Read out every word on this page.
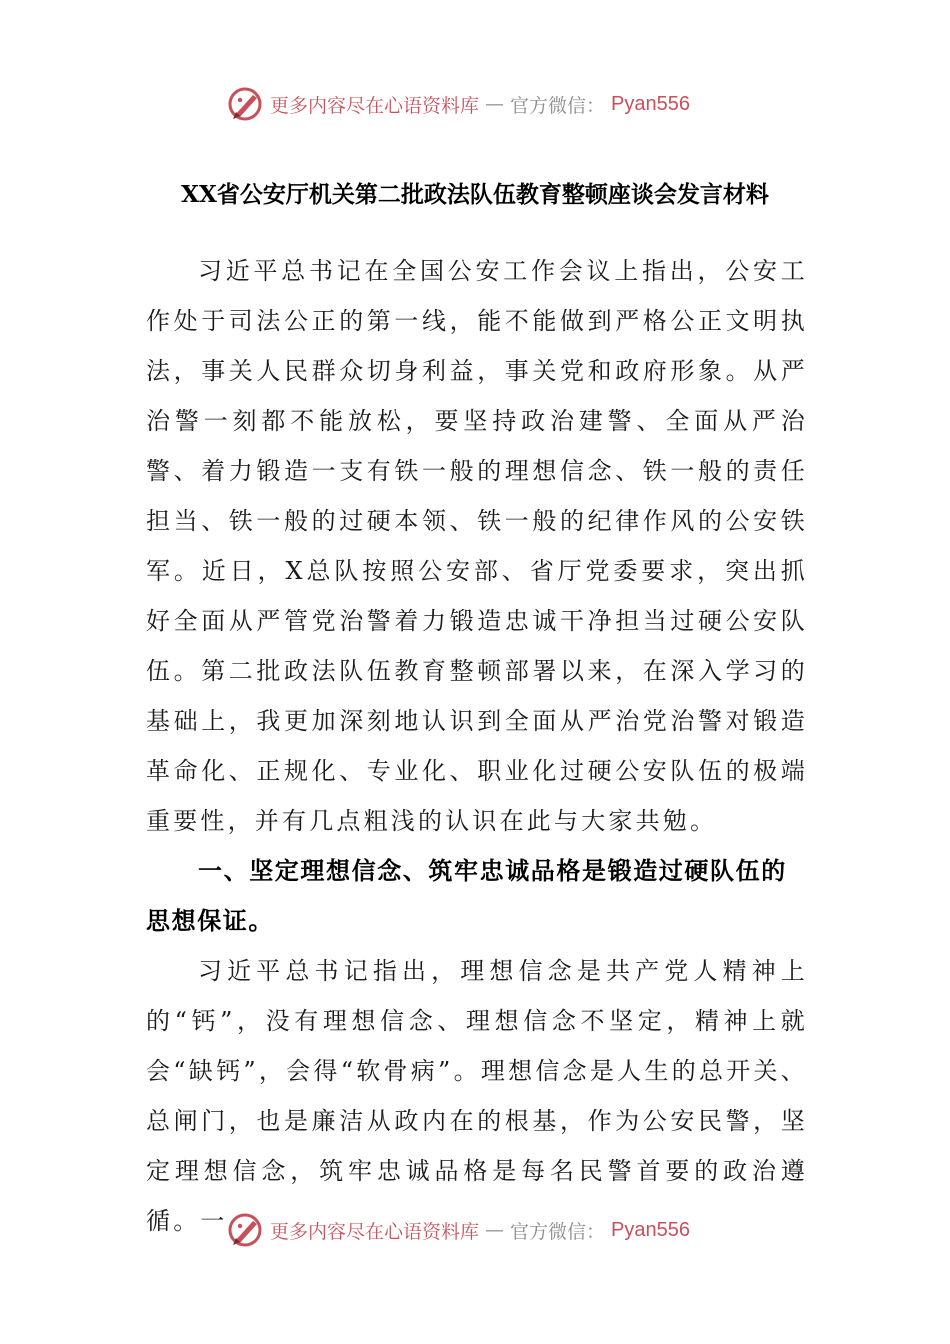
更多内容尽在心语资料库 — 官方微信： Pyan556
XX省公安厅机关第二批政法队伍教育整顿座谈会发言材料

习近平总书记在全国公安工作会议上指出，公安工作处于司法公正的第一线，能不能做到严格公正文明执法，事关人民群众切身利益，事关党和政府形象。从严治警一刻都不能放松，要坚持政治建警、全面从严治警、着力锻造一支有铁一般的理想信念、铁一般的责任担当、铁一般的过硬本领、铁一般的纪律作风的公安铁军。近日，X总队按照公安部、省厅党委要求，突出抓好全面从严管党治警着力锻造忠诚干净担当过硬公安队伍。第二批政法队伍教育整顿部署以来，在深入学习的基础上，我更加深刻地认识到全面从严治党治警对锻造革命化、正规化、专业化、职业化过硬公安队伍的极端重要性，并有几点粗浅的认识在此与大家共勉。

一、坚定理想信念、筑牢忠诚品格是锻造过硬队伍的思想保证。

习近平总书记指出，理想信念是共产党人精神上的“钙”，没有理想信念、理想信念不坚定，精神上就会“缺钙”，会得“软骨病”。理想信念是人生的总开关、总闸门，也是廉洁从政内在的根基，作为公安民警，坚定理想信念，筑牢忠诚品格是每名民警首要的政治遵循。一	更多内容尽在心语资料库 — 官方微信： Pyan556
